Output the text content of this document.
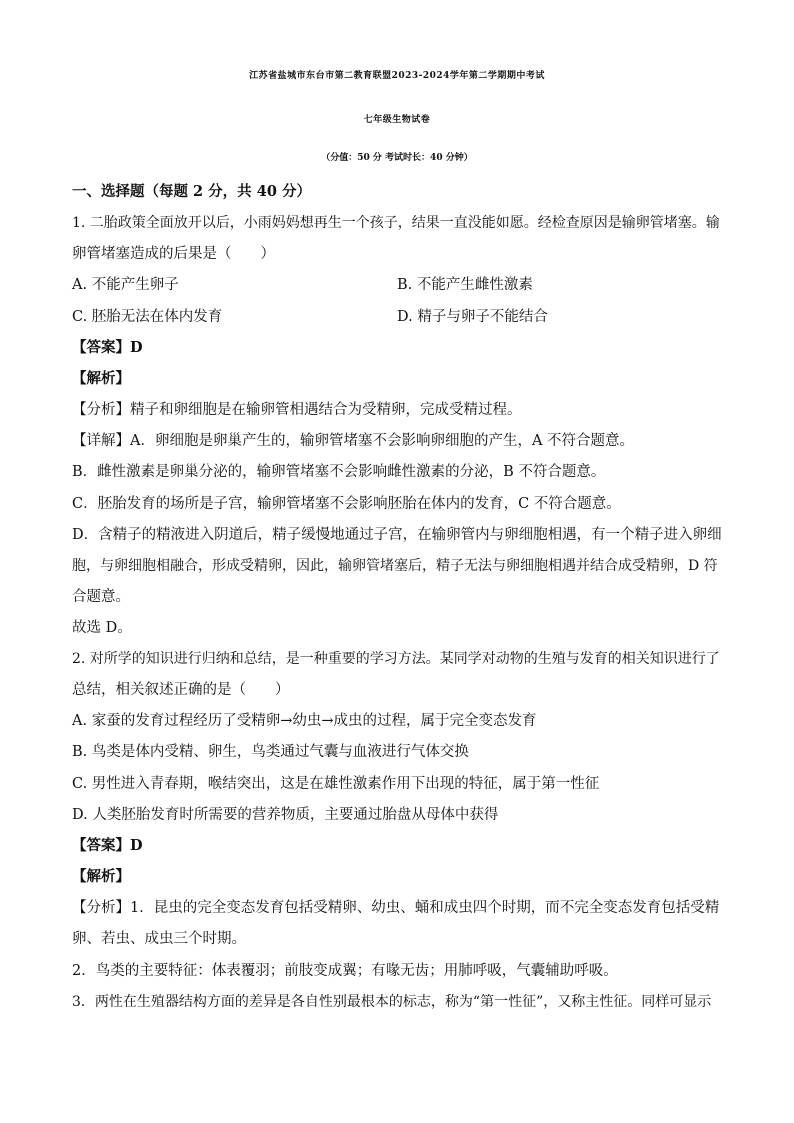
江苏省盐城市东台市第二教育联盟2023-2024学年第二学期期中考试
七年级生物试卷
（分值：50 分 考试时长：40 分钟）
一、选择题（每题 2 分，共 40 分）
1. 二胎政策全面放开以后，小雨妈妈想再生一个孩子，结果一直没能如愿。经检查原因是输卵管堵塞。输
卵管堵塞造成的后果是（　　）
A. 不能产生卵子	B. 不能产生雌性激素
C. 胚胎无法在体内发育	D. 精子与卵子不能结合
【答案】D
【解析】
【分析】精子和卵细胞是在输卵管相遇结合为受精卵，完成受精过程。
【详解】A．卵细胞是卵巢产生的，输卵管堵塞不会影响卵细胞的产生，A 不符合题意。
B．雌性激素是卵巢分泌的，输卵管堵塞不会影响雌性激素的分泌，B 不符合题意。
C．胚胎发育的场所是子宫，输卵管堵塞不会影响胚胎在体内的发育，C 不符合题意。
D．含精子的精液进入阴道后，精子缓慢地通过子宫，在输卵管内与卵细胞相遇，有一个精子进入卵细
胞，与卵细胞相融合，形成受精卵，因此，输卵管堵塞后，精子无法与卵细胞相遇并结合成受精卵，D 符
合题意。
故选 D。
2. 对所学的知识进行归纳和总结，是一种重要的学习方法。某同学对动物的生殖与发育的相关知识进行了
总结，相关叙述正确的是（　　）
A. 家蚕的发育过程经历了受精卵→幼虫→成虫的过程，属于完全变态发育
B. 鸟类是体内受精、卵生，鸟类通过气囊与血液进行气体交换
C. 男性进入青春期，喉结突出，这是在雄性激素作用下出现的特征，属于第一性征
D. 人类胚胎发育时所需要的营养物质，主要通过胎盘从母体中获得
【答案】D
【解析】
【分析】1．昆虫的完全变态发育包括受精卵、幼虫、蛹和成虫四个时期，而不完全变态发育包括受精
卵、若虫、成虫三个时期。
2．鸟类的主要特征：体表覆羽；前肢变成翼；有喙无齿；用肺呼吸，气囊辅助呼吸。
3．两性在生殖器结构方面的差异是各自性别最根本的标志，称为“第一性征”，又称主性征。同样可显示
